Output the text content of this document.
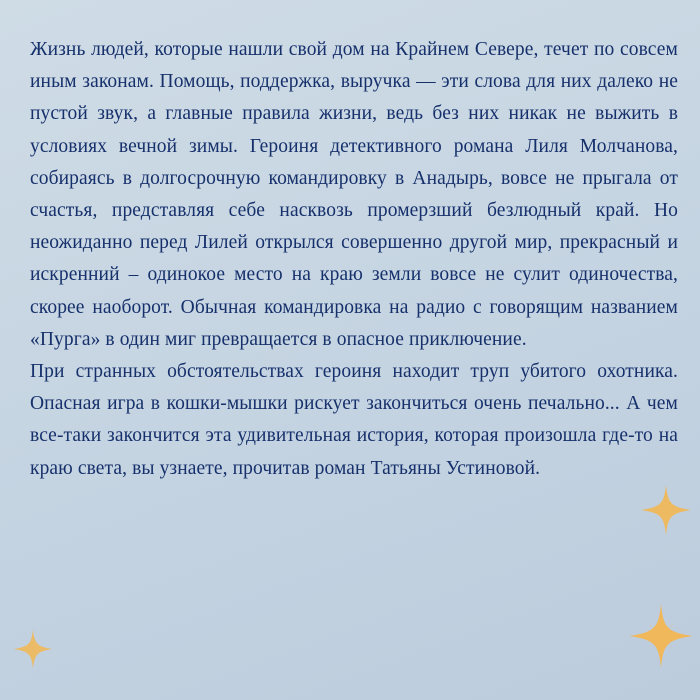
Жизнь людей, которые нашли свой дом на Крайнем Севере, течет по совсем иным законам. Помощь, поддержка, выручка — эти слова для них далеко не пустой звук, а главные правила жизни, ведь без них никак не выжить в условиях вечной зимы. Героиня детективного романа Лиля Молчанова, собираясь в долгосрочную командировку в Анадырь, вовсе не прыгала от счастья, представляя себе насквозь промерзший безлюдный край. Но неожиданно перед Лилей открылся совершенно другой мир, прекрасный и искренний – одинокое место на краю земли вовсе не сулит одиночества, скорее наоборот. Обычная командировка на радио с говорящим названием «Пурга» в один миг превращается в опасное приключение.

При странных обстоятельствах героиня находит труп убитого охотника. Опасная игра в кошки-мышки рискует закончиться очень печально... А чем все-таки закончится эта удивительная история, которая произошла где-то на краю света, вы узнаете, прочитав роман Татьяны Устиновой.
